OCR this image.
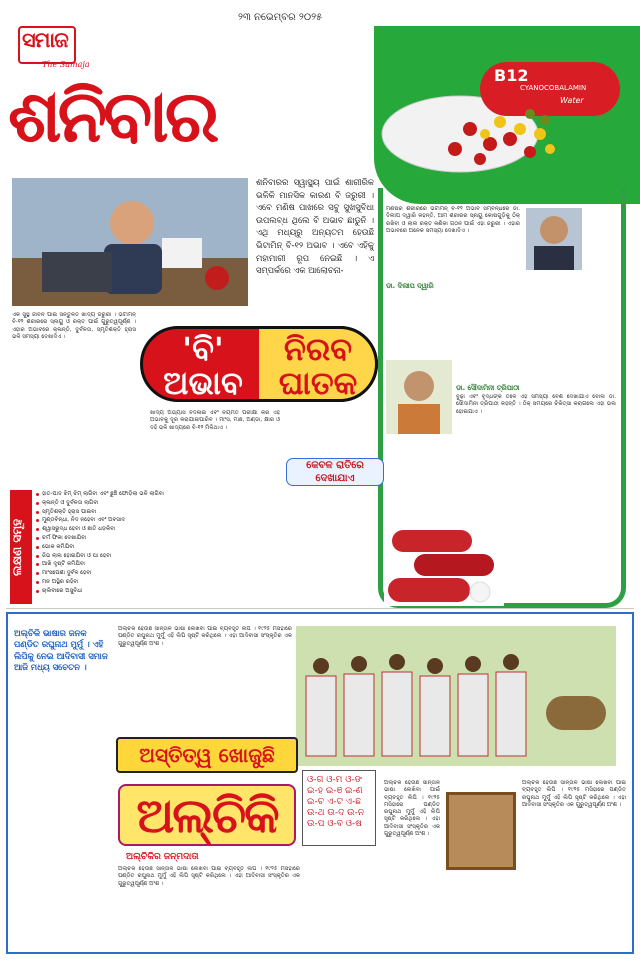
୨୩ ନଭେମ୍ବର ୨୦୨୫
ସମାଜ
The Samaja
ଶନିବାର	B12
CYANOCOBALAMIN
Water
ଶନିବାରର ସ୍ୱାସ୍ଥ୍ୟ ପାଇଁ ଶାରୀରିକ ଭଳିକି ମାନସିକ କାରଣ ବି ଜରୁରୀ । ଏବେ ମଣିଷ ପାଖରେ ସବୁ ସୁଖସୁବିଧା ଉପଲବ୍ଧ ଥିଲେ ବି ଅଭାବ ଛାଡୁନି । ଏଥି ମଧ୍ୟରୁ ଅନ୍ୟତମ ହେଉଛି ଭିଟାମିନ୍ ବି-୧୨ ଅଭାବ । ଏବେ ଏହିକୁ ମହାମାରୀ ରୂପ ନେଇଛି । ଏ ସମ୍ପର୍କରେ ଏକ ଆଲୋଚନା-
ମଣିଷର ଶରୀରରେ ଭିଟାମିନ୍ ବି-୧୨ ଅଭାବ ସମ୍ବନ୍ଧରେ ଡା. ଦିଲୀପ ଦ୍ୱାରି କହନ୍ତି, ଆମ ଶରୀରର ସ୍ନାୟୁ କୋଷଗୁଡ଼ିକୁ ଠିକ୍ ରଖିବା ଓ ଲାଲ ରକ୍ତ କଣିକା ଗଠନ ପାଇଁ ଏହା ଜରୁରୀ । ଏହାର ଅଭାବରେ ଅନେକ ସମସ୍ୟା ଦେଖାଦିଏ ।
ଡା. ଦିଲୀପ ଦ୍ୱାରି
ଡା. ସୌଦାମିନୀ ତ୍ରିପାଠୀ
ବୁଢ଼ା ଏବଂ ବୃଦ୍ଧଙ୍କ ତଳେ ଏହି ସମସ୍ୟା ବେଶି ଦେଖାଯାଏ ବୋଲି ଡା. ସୌଦାମିନୀ ତ୍ରିପାଠୀ କହନ୍ତି । ଠିକ୍ ସମୟରେ ଚିକିତ୍ସା କରାଗଲେ ଏହା ଭଲ ହୋଇଯାଏ ।
ଏକ ସୁସ୍ଥ ଜୀବନ ପାଇଁ ସନ୍ତୁଳିତ ଖାଦ୍ୟ ଜରୁରୀ । ଭିଟାମିନ୍ ବି-୧୨ ଶରୀରରେ ସ୍ନାୟୁ ଓ ରକ୍ତ ପାଇଁ ଗୁରୁତ୍ୱପୂର୍ଣ୍ଣ । ଏହାର ଅଭାବରେ କ୍ଳାନ୍ତି, ଦୁର୍ବଳତା, ସ୍ମୃତିଶକ୍ତି ହ୍ରାସ ଭଳି ସମସ୍ୟା ଦେଖାଦିଏ ।	'ବି'
ଅଭାବ
ନିରବ
ଘାତକ
ଖାଦ୍ୟ ଅଭ୍ୟାସ ବଦଳାଇ ଏବଂ ନିୟମିତ ପରୀକ୍ଷା କରି ଏହି ଅଭାବକୁ ଦୂର କରାଯାଇପାରିବ । ମାଂସ, ମାଛ, ଅଣ୍ଡା, କ୍ଷୀର ଓ ଦହି ଭଳି ଖାଦ୍ୟରେ ବି-୧୨ ମିଳିଥାଏ ।
କେବଳ ରାତିରେ
ଦେଖାଯାଏ
ଲକ୍ଷଣ ସମୂହ
ହାତ-ପାଦ ଝିମ୍ ଝିମ୍ ଲାଗିବା ଏବଂ ଛୁଞ୍ଚି ଫୋଡ଼ିଲା ଭଳି ଲାଗିବା
କ୍ଳାନ୍ତି ଓ ଦୁର୍ବଳତା ଲାଗିବା
ସ୍ମୃତିଶକ୍ତି ହ୍ରାସ ପାଇବା
ମୁଣ୍ଡବିନ୍ଧା, ନିଦ ନହେବା ଏବଂ ଅବସାଦ
ଶ୍ୱାସରୁଦ୍ଧ ହେବା ଓ ଛାତି ଧଡ଼କିବା
ଚର୍ମ ଫିକା ଦେଖାଯିବା
ଭୋକ କମିଯିବା
ଜିଭ ଲାଲ ହୋଇଯିବା ଓ ଘା ହେବା
ଆଖି ଦୃଷ୍ଟି କମିଯିବା
ମାଂସପେଶୀ ଦୁର୍ବଳ ହେବା
ମନ ଅସ୍ଥିର ରହିବା
ଚାଲିବାରେ ଅସୁବିଧା
ଅଲ୍‌ଚିକି ଭାଷାର ଜନକ ପଣ୍ଡିତ ରଘୁନାଥ ମୁର୍ମୁ । ଏହି ଲିପିକୁ ନେଇ ଆଦିବାସୀ ସମାଜ ଆଜି ମଧ୍ୟ ସଚେତନ ।
ଅଲ୍‌ଚିକି ହେଉଛି ସାନ୍ତାଳି ଭାଷା ଲେଖିବା ପାଇଁ ବ୍ୟବହୃତ ଲିପି । ୧୯୨୫ ମସିହାରେ ପଣ୍ଡିତ ରଘୁନାଥ ମୁର୍ମୁ ଏହି ଲିପି ସୃଷ୍ଟି କରିଥିଲେ । ଏହା ଆଦିବାସୀ ସଂସ୍କୃତିର ଏକ ଗୁରୁତ୍ୱପୂର୍ଣ୍ଣ ଅଂଶ ।
ଅସ୍ତିତ୍ୱ ଖୋଜୁଛି
ଅଲ୍‌ଚିକି
ଓ-ଗ ଓ-ମ ଓ-ଙ ଇ-ହ ଇ-ଞ ଇ-ଣ ଇ-ଚ ଏ-ଟ ଏ-ଛ ଉ-ଥ ଉ-ଦ ଉ-ନ ଉ-ପ ଓ-ବ ଓ-ଷ
ଅଲ୍‌ଚିକିର ଜନ୍ମଦାତା
ଅଲ୍‌ଚିକି ହେଉଛି ସାନ୍ତାଳି ଭାଷା ଲେଖିବା ପାଇଁ ବ୍ୟବହୃତ ଲିପି । ୧୯୨୫ ମସିହାରେ ପଣ୍ଡିତ ରଘୁନାଥ ମୁର୍ମୁ ଏହି ଲିପି ସୃଷ୍ଟି କରିଥିଲେ । ଏହା ଆଦିବାସୀ ସଂସ୍କୃତିର ଏକ ଗୁରୁତ୍ୱପୂର୍ଣ୍ଣ ଅଂଶ ।
ଅଲ୍‌ଚିକି ହେଉଛି ସାନ୍ତାଳି ଭାଷା ଲେଖିବା ପାଇଁ ବ୍ୟବହୃତ ଲିପି । ୧୯୨୫ ମସିହାରେ ପଣ୍ଡିତ ରଘୁନାଥ ମୁର୍ମୁ ଏହି ଲିପି ସୃଷ୍ଟି କରିଥିଲେ । ଏହା ଆଦିବାସୀ ସଂସ୍କୃତିର ଏକ ଗୁରୁତ୍ୱପୂର୍ଣ୍ଣ ଅଂଶ ।
ଅଲ୍‌ଚିକି ହେଉଛି ସାନ୍ତାଳି ଭାଷା ଲେଖିବା ପାଇଁ ବ୍ୟବହୃତ ଲିପି । ୧୯୨୫ ମସିହାରେ ପଣ୍ଡିତ ରଘୁନାଥ ମୁର୍ମୁ ଏହି ଲିପି ସୃଷ୍ଟି କରିଥିଲେ । ଏହା ଆଦିବାସୀ ସଂସ୍କୃତିର ଏକ ଗୁରୁତ୍ୱପୂର୍ଣ୍ଣ ଅଂଶ ।
